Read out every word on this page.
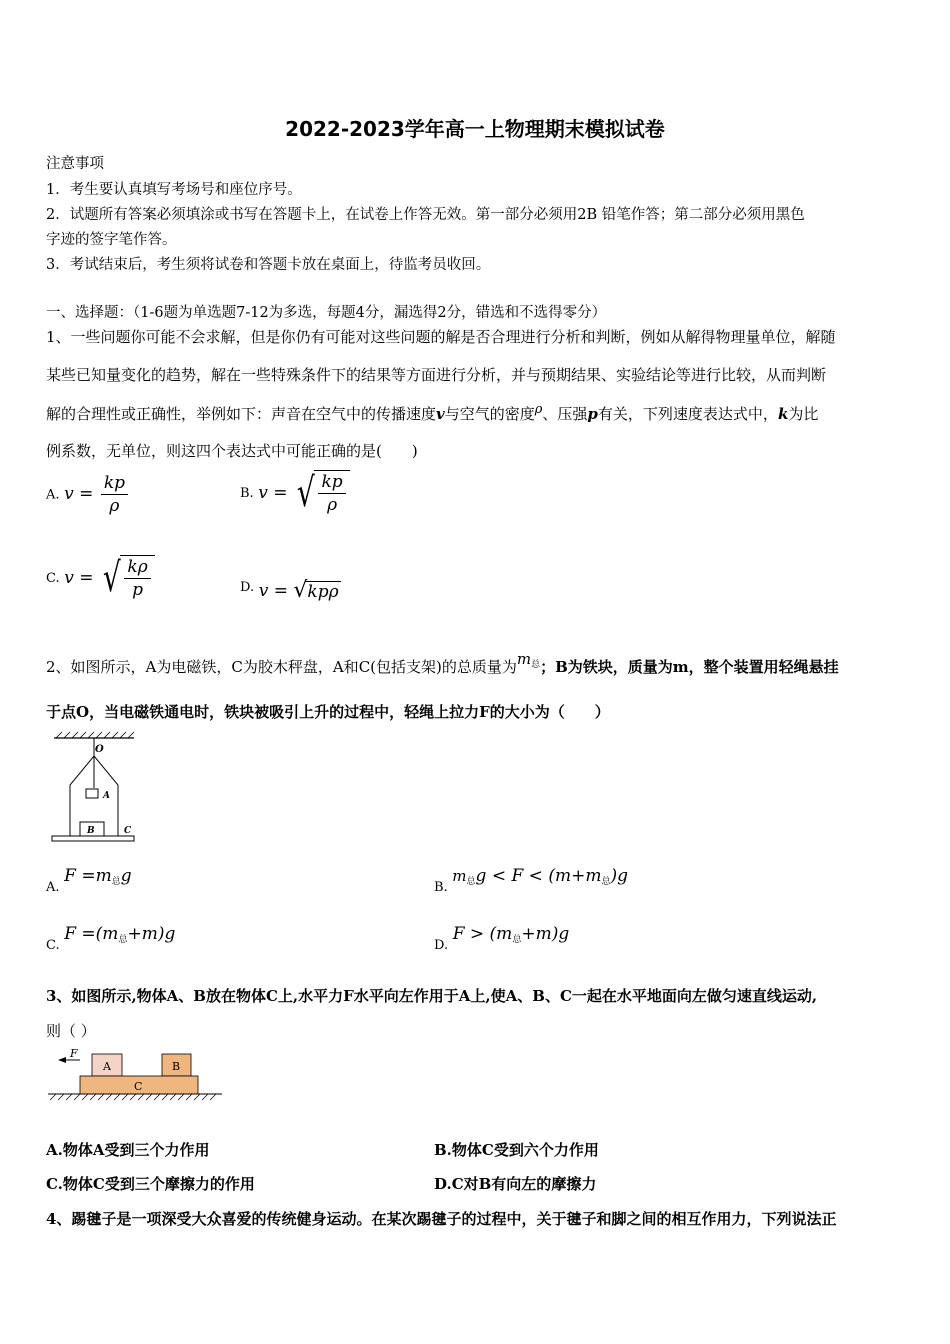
2022-2023学年高一上物理期末模拟试卷
注意事项
1．考生要认真填写考场号和座位序号。
2．试题所有答案必须填涂或书写在答题卡上，在试卷上作答无效。第一部分必须用2B 铅笔作答；第二部分必须用黑色
字迹的签字笔作答。
3．考试结束后，考生须将试卷和答题卡放在桌面上，待监考员收回。
一、选择题：（1-6题为单选题7-12为多选，每题4分，漏选得2分，错选和不选得零分）
1、一些问题你可能不会求解，但是你仍有可能对这些问题的解是否合理进行分析和判断，例如从解得物理量单位，解随
某些已知量变化的趋势，解在一些特殊条件下的结果等方面进行分析，并与预期结果、实验结论等进行比较，从而判断
解的合理性或正确性，举例如下：声音在空气中的传播速度v与空气的密度ρ、压强p有关，下列速度表达式中，k为比
例系数，无单位，则这四个表达式中可能正确的是(　　)
A. $v = \frac{kp}{\rho}$	B. v = √ $\frac{kp}{\rho}$
C. v = √ $\frac{k\rho}{p}$	D. v = √ kpρ
2、如图所示，A为电磁铁，C为胶木秤盘，A和C(包括支架)的总质量为$m_总$；B为铁块，质量为m，整个装置用轻绳悬挂
于点O，当电磁铁通电时，铁块被吸引上升的过程中，轻绳上拉力F的大小为（　　）
O
A
B	C
A. $F =m_总g$
B. $m_总g < F < (m+m_总)g$
C. $F =(m_总+m)g$
D. $F > (m_总+m)g$
3、如图所示,物体A、B放在物体C上,水平力F水平向左作用于A上,使A、B、C一起在水平地面向左做匀速直线运动,
则（ ）
F
A	B
C
A.物体A受到三个力作用	B.物体C受到六个力作用
C.物体C受到三个摩擦力的作用	D.C对B有向左的摩擦力
4、踢毽子是一项深受大众喜爱的传统健身运动。在某次踢毽子的过程中，关于毽子和脚之间的相互作用力，下列说法正
